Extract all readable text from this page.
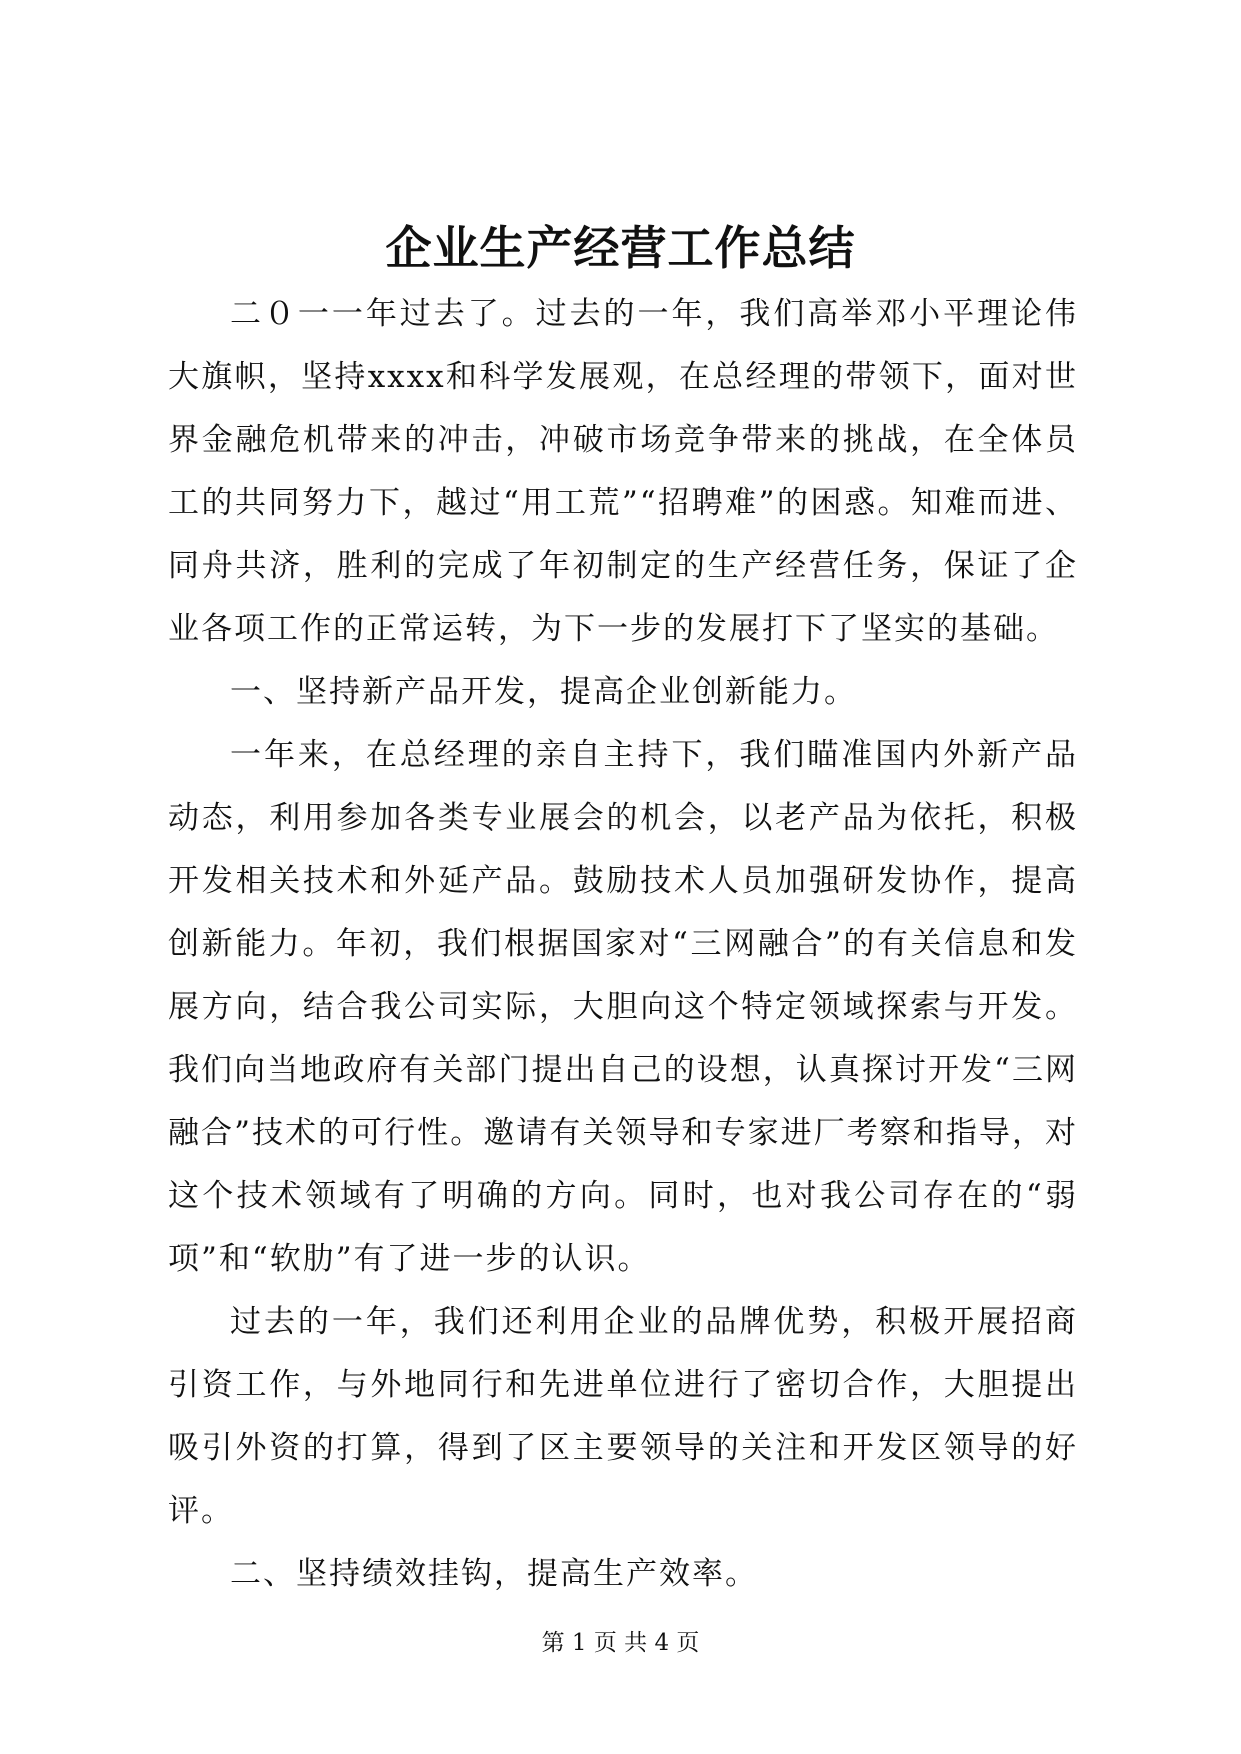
企业生产经营工作总结

二０一一年过去了。过去的一年，我们高举邓小平理论伟大旗帜，坚持xxxx和科学发展观，在总经理的带领下，面对世界金融危机带来的冲击，冲破市场竞争带来的挑战，在全体员工的共同努力下，越过“用工荒”“招聘难”的困惑。知难而进、同舟共济，胜利的完成了年初制定的生产经营任务，保证了企业各项工作的正常运转，为下一步的发展打下了坚实的基础。

一、坚持新产品开发，提高企业创新能力。

一年来，在总经理的亲自主持下，我们瞄准国内外新产品动态，利用参加各类专业展会的机会，以老产品为依托，积极开发相关技术和外延产品。鼓励技术人员加强研发协作，提高创新能力。年初，我们根据国家对“三网融合”的有关信息和发展方向，结合我公司实际，大胆向这个特定领域探索与开发。我们向当地政府有关部门提出自己的设想，认真探讨开发“三网融合”技术的可行性。邀请有关领导和专家进厂考察和指导，对这个技术领域有了明确的方向。同时，也对我公司存在的“弱项”和“软肋”有了进一步的认识。

过去的一年，我们还利用企业的品牌优势，积极开展招商引资工作，与外地同行和先进单位进行了密切合作，大胆提出吸引外资的打算，得到了区主要领导的关注和开发区领导的好评。

二、坚持绩效挂钩，提高生产效率。

第 1 页 共 4 页
